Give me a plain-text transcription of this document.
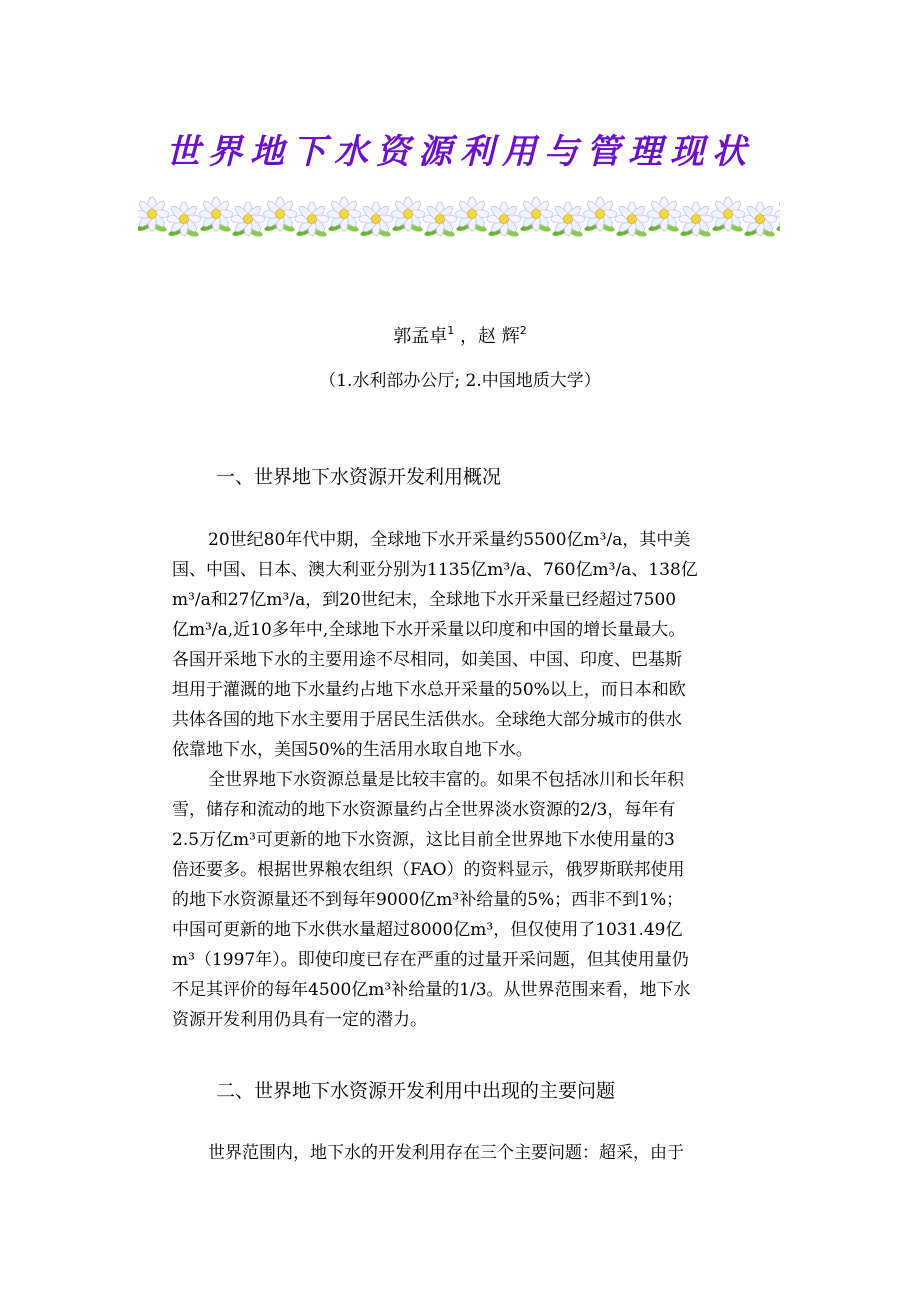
世界地下水资源利用与管理现状
郭孟卓$^1$ ，赵 辉$^2$
（1.水利部办公厅; 2.中国地质大学）
一、世界地下水资源开发利用概况
20世纪80年代中期，全球地下水开采量约5500亿m³/a，其中美
国、中国、日本、澳大利亚分别为1135亿m³/a、760亿m³/a、138亿
m³/a和27亿m³/a，到20世纪末，全球地下水开采量已经超过7500
亿m³/a,近10多年中,全球地下水开采量以印度和中国的增长量最大。
各国开采地下水的主要用途不尽相同，如美国、中国、印度、巴基斯
坦用于灌溉的地下水量约占地下水总开采量的50%以上，而日本和欧
共体各国的地下水主要用于居民生活供水。全球绝大部分城市的供水
依靠地下水，美国50%的生活用水取自地下水。
全世界地下水资源总量是比较丰富的。如果不包括冰川和长年积
雪，储存和流动的地下水资源量约占全世界淡水资源的2/3，每年有
2.5万亿m³可更新的地下水资源，这比目前全世界地下水使用量的3
倍还要多。根据世界粮农组织（FAO）的资料显示，俄罗斯联邦使用
的地下水资源量还不到每年9000亿m³补给量的5%；西非不到1%；
中国可更新的地下水供水量超过8000亿m³，但仅使用了1031.49亿
m³（1997年）。即使印度已存在严重的过量开采问题，但其使用量仍
不足其评价的每年4500亿m³补给量的1/3。从世界范围来看，地下水
资源开发利用仍具有一定的潜力。
二、世界地下水资源开发利用中出现的主要问题
世界范围内，地下水的开发利用存在三个主要问题：超采，由于
